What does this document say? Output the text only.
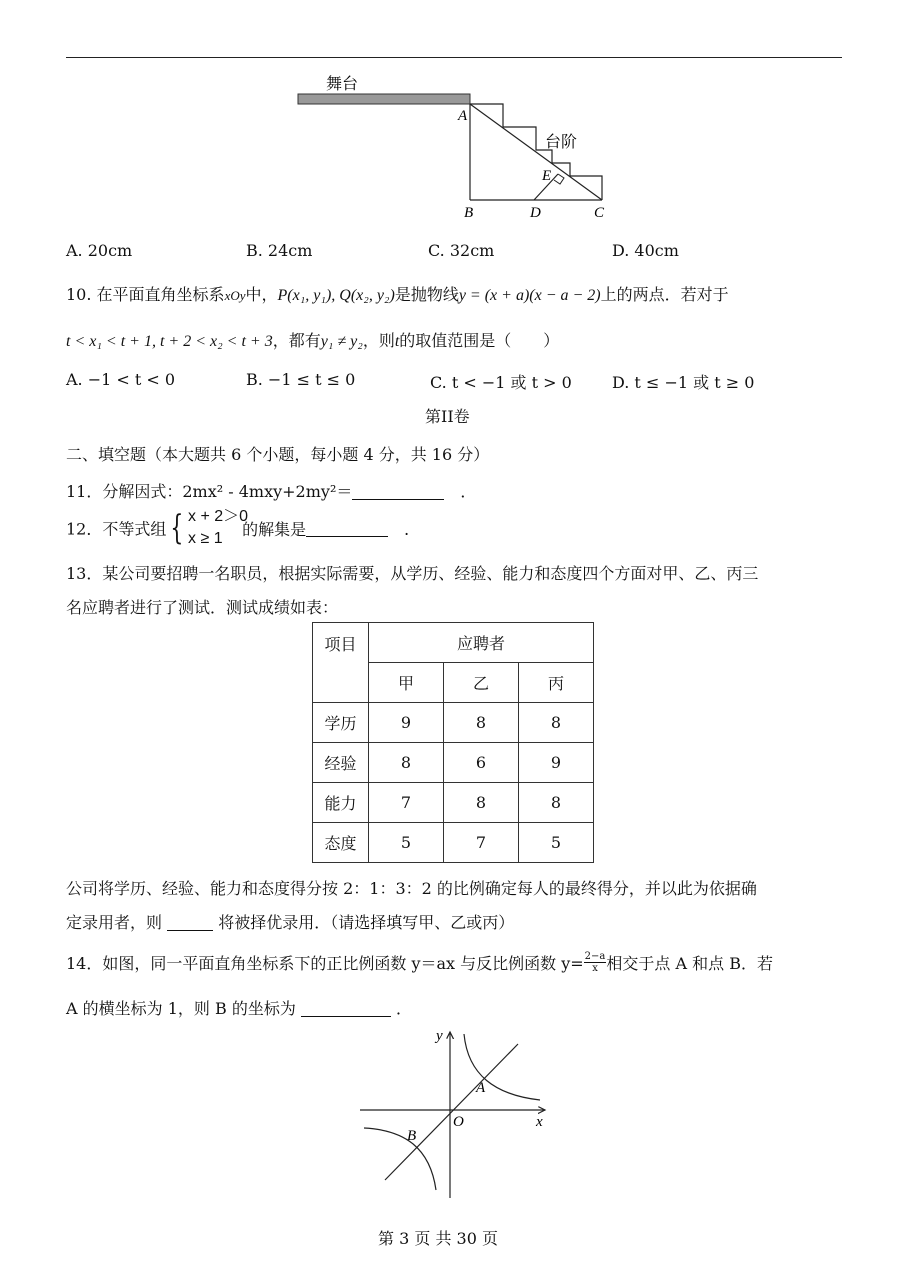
舞台
台阶
A
B	D	C
E
A. 20cm	B. 24cm	C. 32cm	D. 40cm
10. 在平面直角坐标系xOy中，P(x₁, y₁), Q(x₂, y₂)是抛物线y = (x + a)(x − a − 2)上的两点．若对于
t < x₁ < t + 1, t + 2 < x₂ < t + 3，都有y₁ ≠ y₂，则t的取值范围是（　　）
A. −1 < t < 0	B. −1 ≤ t ≤ 0	C. t < −1 或 t > 0	D. t ≤ −1 或 t ≥ 0
第II卷
二、填空题（本大题共 6 个小题，每小题 4 分，共 16 分）
11．分解因式：2mx² ‑ 4mxy+2my²＝　	．
12．不等式组 { x + 2＞0
x ≥ 1	的解集是　	．
13．某公司要招聘一名职员，根据实际需要，从学历、经验、能力和态度四个方面对甲、乙、丙三
名应聘者进行了测试．测试成绩如表：
项目	应聘者		
	甲	乙	丙
学历	9	8	8
经验	8	6	9
能力	7	8	8
态度	5	7	5
公司将学历、经验、能力和态度得分按 2：1：3：2 的比例确定每人的最终得分，并以此为依据确
定录用者，则	将被择优录用．（请选择填写甲、乙或丙）
14．如图，同一平面直角坐标系下的正比例函数 y＝ax 与反比例函数 $y= \frac{2-a}{x}$ 相交于点 A 和点 B．若
A 的横坐标为 1，则 B 的坐标为	．
y
x
O
A
B
第 3 页 共 30 页
